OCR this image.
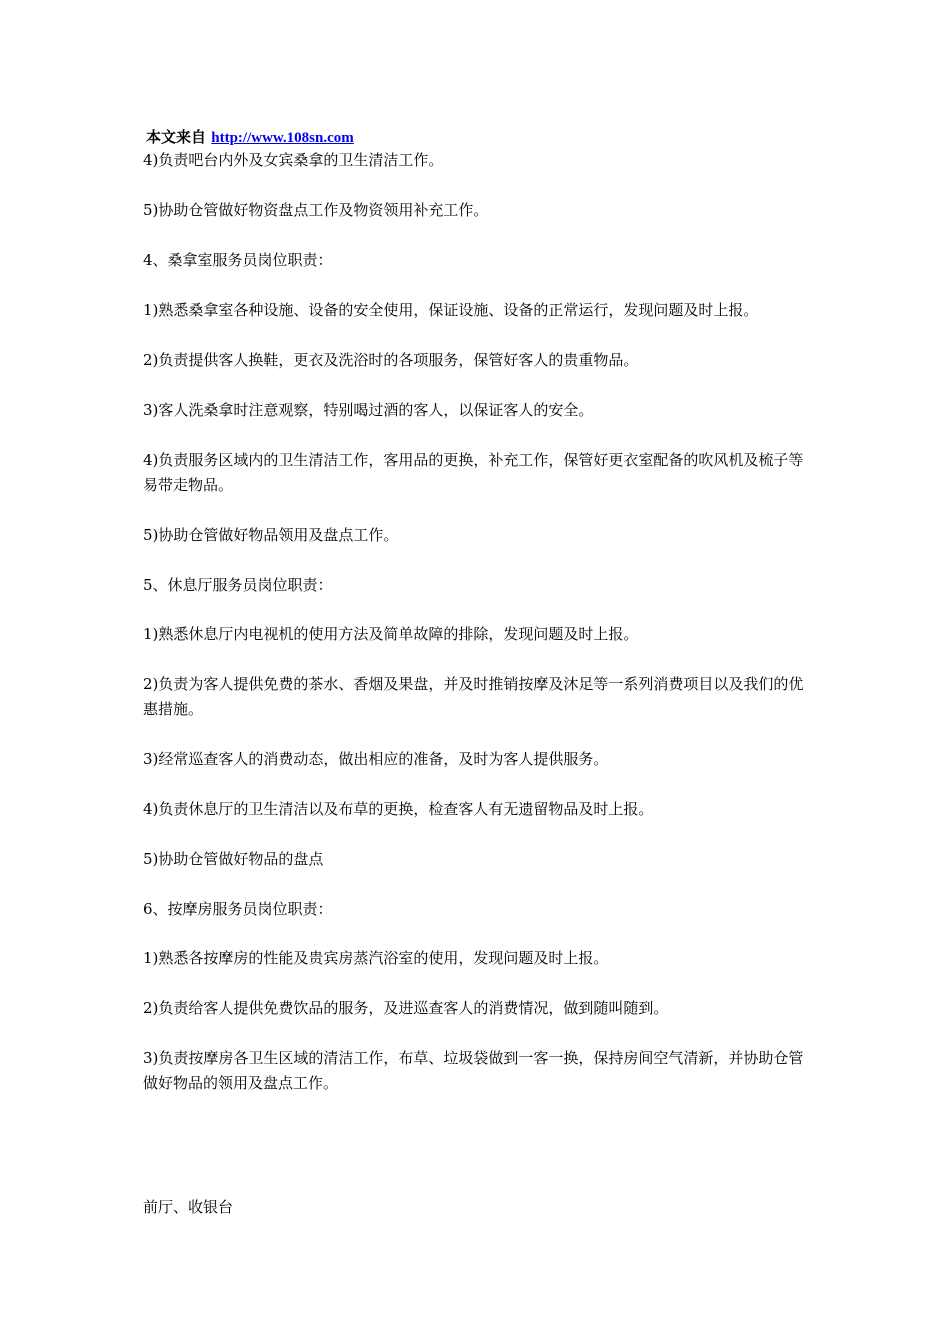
本文来自 http://www.108sn.com

4)负责吧台内外及女宾桑拿的卫生清洁工作。

5)协助仓管做好物资盘点工作及物资领用补充工作。

4、桑拿室服务员岗位职责：

1)熟悉桑拿室各种设施、设备的安全使用，保证设施、设备的正常运行，发现问题及时上报。

2)负责提供客人换鞋，更衣及洗浴时的各项服务，保管好客人的贵重物品。

3)客人洗桑拿时注意观察，特别喝过酒的客人，以保证客人的安全。

4)负责服务区域内的卫生清洁工作，客用品的更换，补充工作，保管好更衣室配备的吹风机及梳子等易带走物品。

5)协助仓管做好物品领用及盘点工作。

5、休息厅服务员岗位职责：

1)熟悉休息厅内电视机的使用方法及简单故障的排除，发现问题及时上报。

2)负责为客人提供免费的茶水、香烟及果盘，并及时推销按摩及沐足等一系列消费项目以及我们的优惠措施。

3)经常巡查客人的消费动态，做出相应的准备，及时为客人提供服务。

4)负责休息厅的卫生清洁以及布草的更换，检查客人有无遗留物品及时上报。

5)协助仓管做好物品的盘点

6、按摩房服务员岗位职责：

1)熟悉各按摩房的性能及贵宾房蒸汽浴室的使用，发现问题及时上报。

2)负责给客人提供免费饮品的服务，及进巡查客人的消费情况，做到随叫随到。

3)负责按摩房各卫生区域的清洁工作，布草、垃圾袋做到一客一换，保持房间空气清新，并协助仓管做好物品的领用及盘点工作。

前厅、收银台
